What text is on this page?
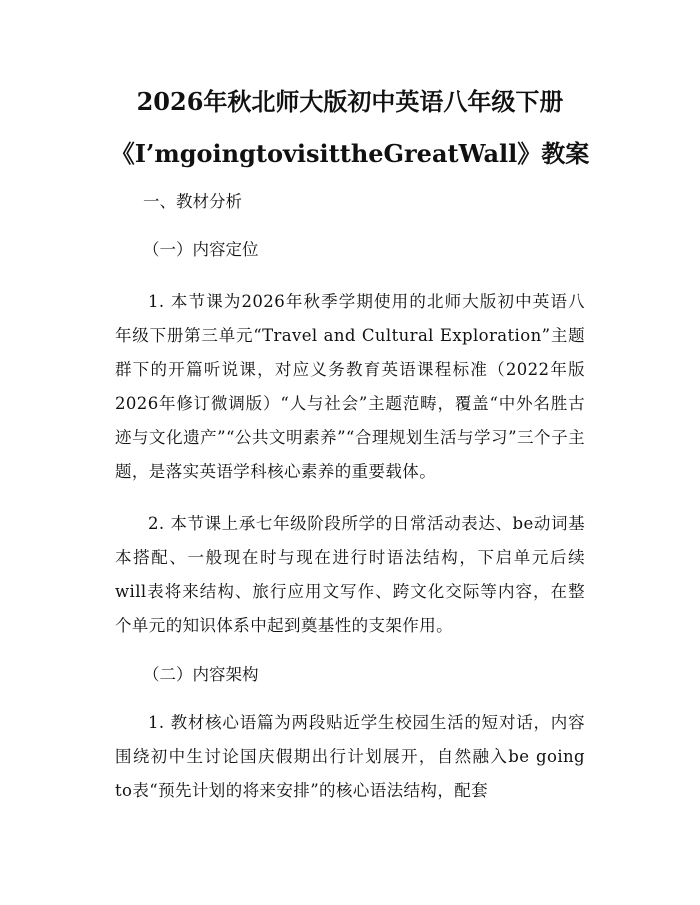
2026年秋北师大版初中英语八年级下册
《I’mgoingtovisittheGreatWall》教案
一、教材分析
（一）内容定位
1. 本节课为2026年秋季学期使用的北师大版初中英语八年级下册第三单元“Travel and Cultural Exploration”主题群下的开篇听说课，对应义务教育英语课程标准（2022年版2026年修订微调版）“人与社会”主题范畴，覆盖“中外名胜古迹与文化遗产”“公共文明素养”“合理规划生活与学习”三个子主题，是落实英语学科核心素养的重要载体。
2. 本节课上承七年级阶段所学的日常活动表达、be动词基本搭配、一般现在时与现在进行时语法结构，下启单元后续will表将来结构、旅行应用文写作、跨文化交际等内容，在整个单元的知识体系中起到奠基性的支架作用。
（二）内容架构
1. 教材核心语篇为两段贴近学生校园生活的短对话，内容围绕初中生讨论国庆假期出行计划展开，自然融入be going to表“预先计划的将来安排”的核心语法结构，配套
